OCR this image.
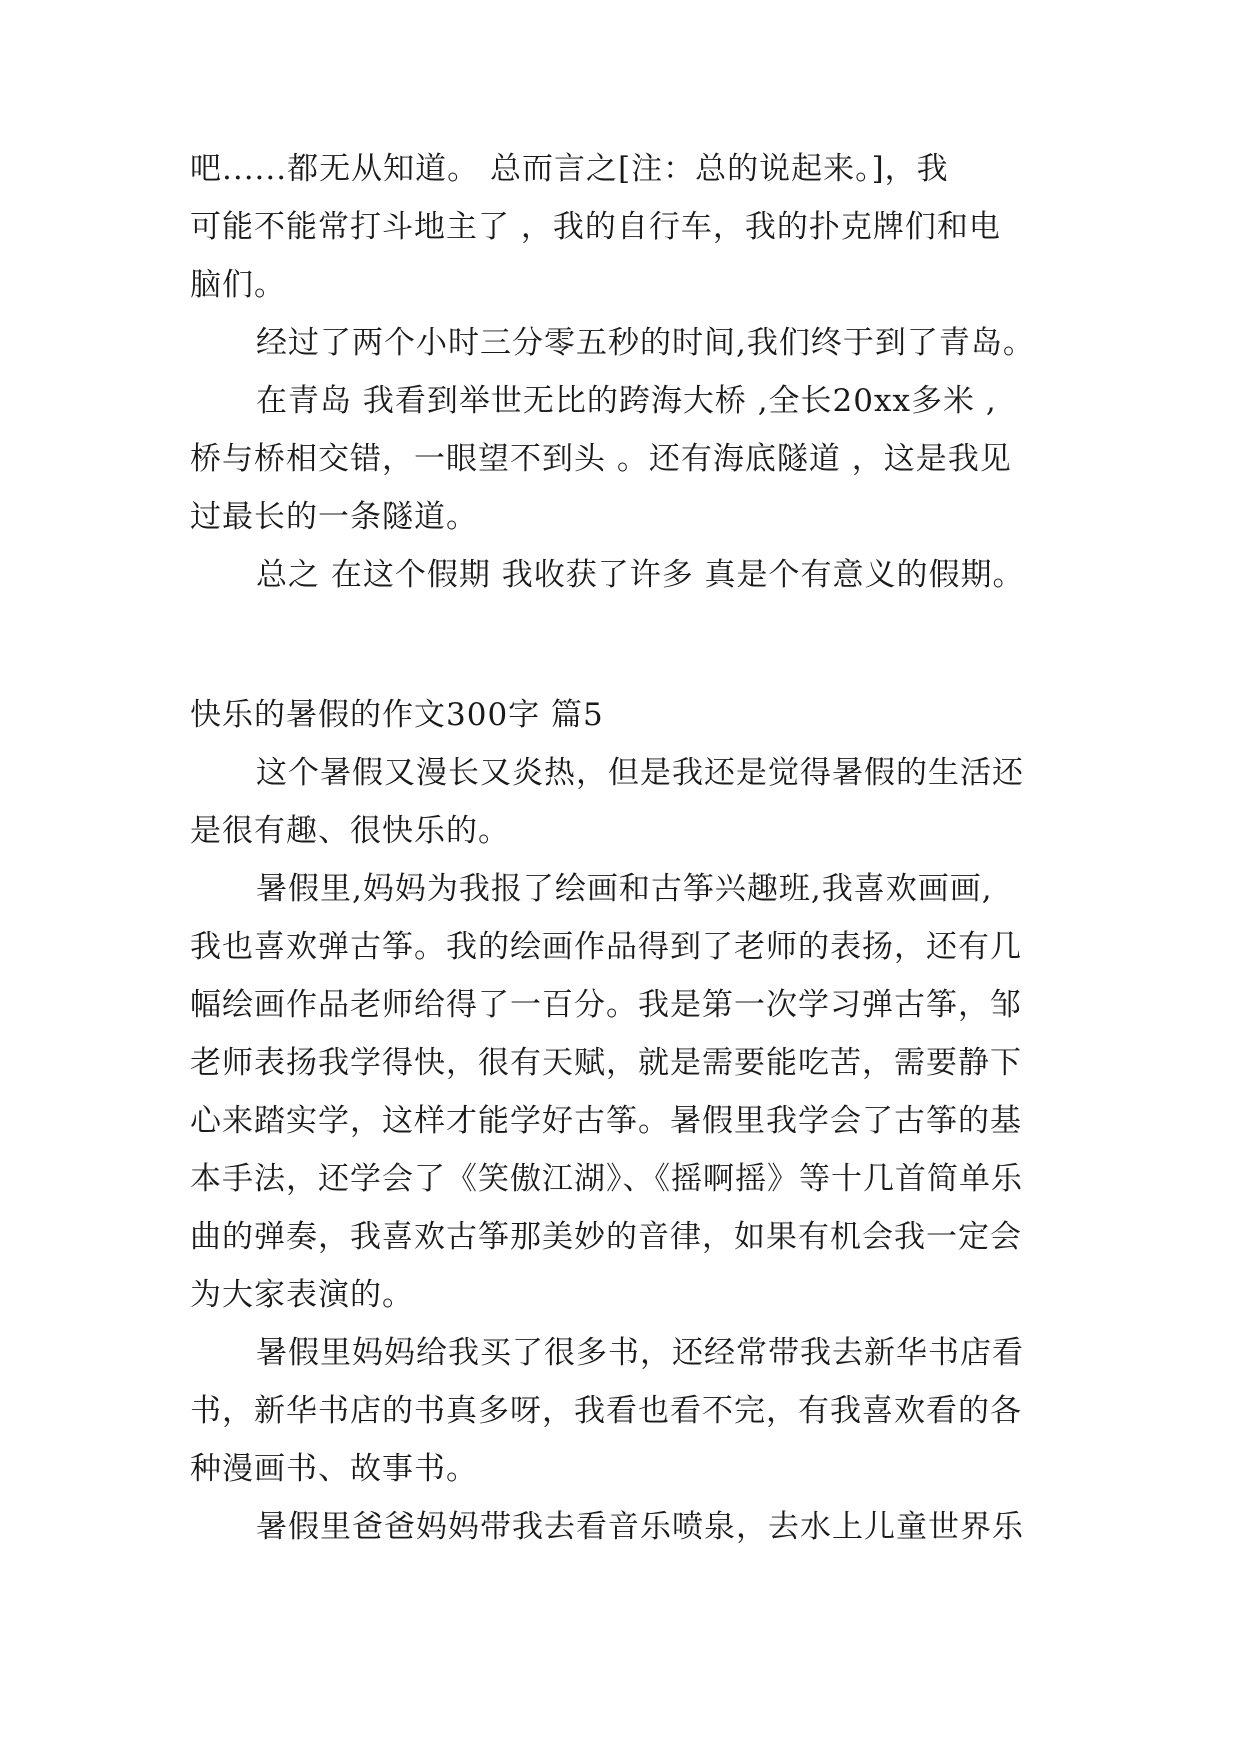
吧......都无从知道。 总而言之[注：总的说起来。]，我
可能不能常打斗地主了 ，我的自行车，我的扑克牌们和电
脑们。
经过了两个小时三分零五秒的时间,我们终于到了青岛。
在青岛 我看到举世无比的跨海大桥 ,全长20xx多米 ,
桥与桥相交错，一眼望不到头 。还有海底隧道 ，这是我见
过最长的一条隧道。
总之 在这个假期 我收获了许多 真是个有意义的假期。
快乐的暑假的作文300字 篇5
这个暑假又漫长又炎热，但是我还是觉得暑假的生活还
是很有趣、很快乐的。
暑假里,妈妈为我报了绘画和古筝兴趣班,我喜欢画画,
我也喜欢弹古筝。我的绘画作品得到了老师的表扬，还有几
幅绘画作品老师给得了一百分。我是第一次学习弹古筝，邹
老师表扬我学得快，很有天赋，就是需要能吃苦，需要静下
心来踏实学，这样才能学好古筝。暑假里我学会了古筝的基
本手法，还学会了《笑傲江湖》、《摇啊摇》等十几首简单乐
曲的弹奏，我喜欢古筝那美妙的音律，如果有机会我一定会
为大家表演的。
暑假里妈妈给我买了很多书，还经常带我去新华书店看
书，新华书店的书真多呀，我看也看不完，有我喜欢看的各
种漫画书、故事书。
暑假里爸爸妈妈带我去看音乐喷泉，去水上儿童世界乐
